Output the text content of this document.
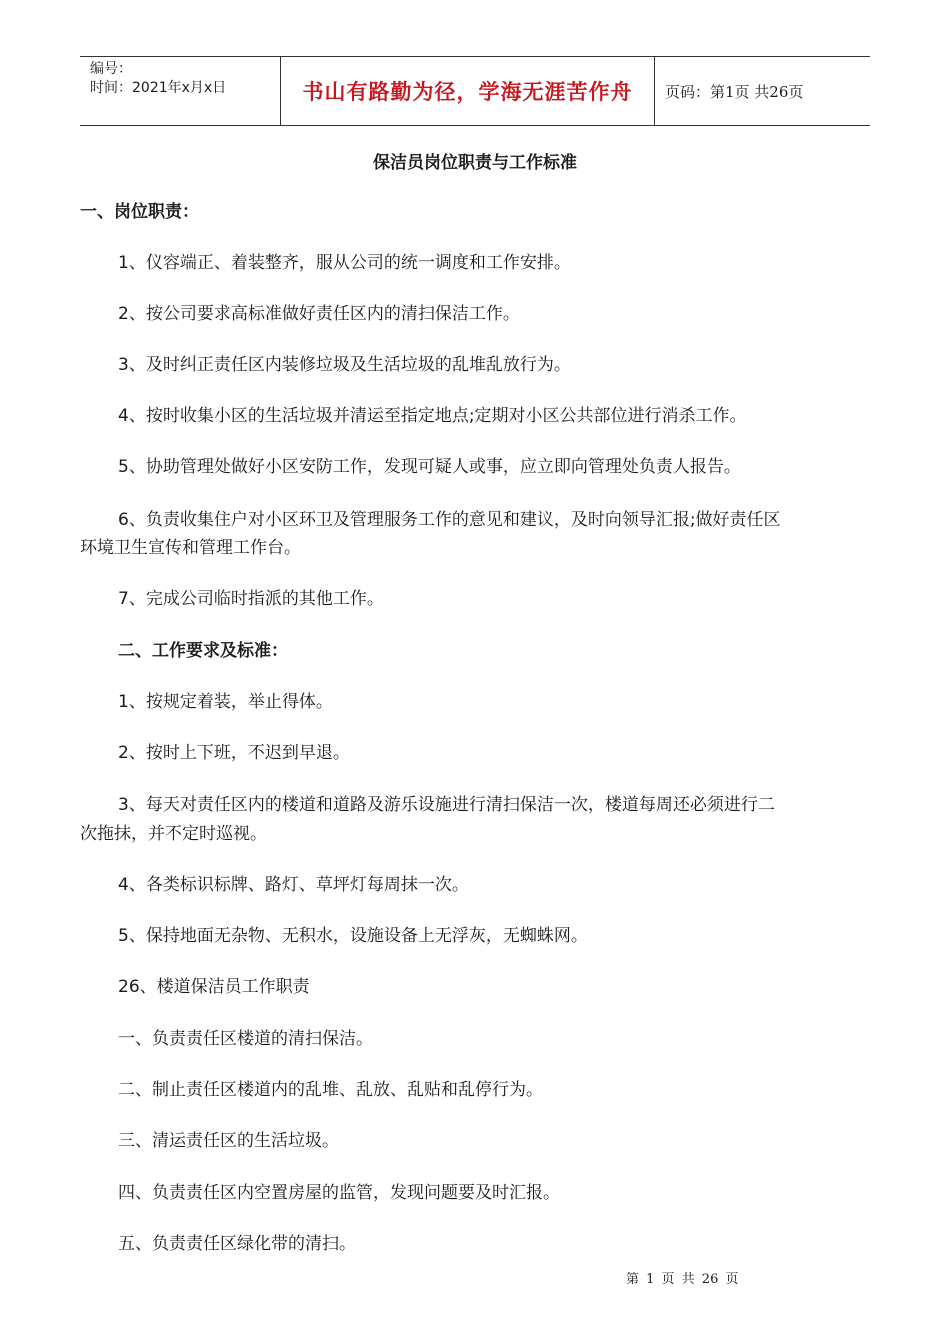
编号：
时间：2021年x月x日	书山有路勤为径，学海无涯苦作舟	页码：第1页 共26页
保洁员岗位职责与工作标准
一、岗位职责：
1、仪容端正、着装整齐，服从公司的统一调度和工作安排。
2、按公司要求高标准做好责任区内的清扫保洁工作。
3、及时纠正责任区内装修垃圾及生活垃圾的乱堆乱放行为。
4、按时收集小区的生活垃圾并清运至指定地点;定期对小区公共部位进行消杀工作。
5、协助管理处做好小区安防工作，发现可疑人或事，应立即向管理处负责人报告。
6、负责收集住户对小区环卫及管理服务工作的意见和建议，及时向领导汇报;做好责任区
环境卫生宣传和管理工作台。
7、完成公司临时指派的其他工作。
二、工作要求及标准：
1、按规定着装，举止得体。
2、按时上下班，不迟到早退。
3、每天对责任区内的楼道和道路及游乐设施进行清扫保洁一次，楼道每周还必须进行二
次拖抹，并不定时巡视。
4、各类标识标牌、路灯、草坪灯每周抹一次。
5、保持地面无杂物、无积水，设施设备上无浮灰，无蜘蛛网。
26、楼道保洁员工作职责
一、负责责任区楼道的清扫保洁。
二、制止责任区楼道内的乱堆、乱放、乱贴和乱停行为。
三、清运责任区的生活垃圾。
四、负责责任区内空置房屋的监管，发现问题要及时汇报。
五、负责责任区绿化带的清扫。
第 1 页 共 26 页
